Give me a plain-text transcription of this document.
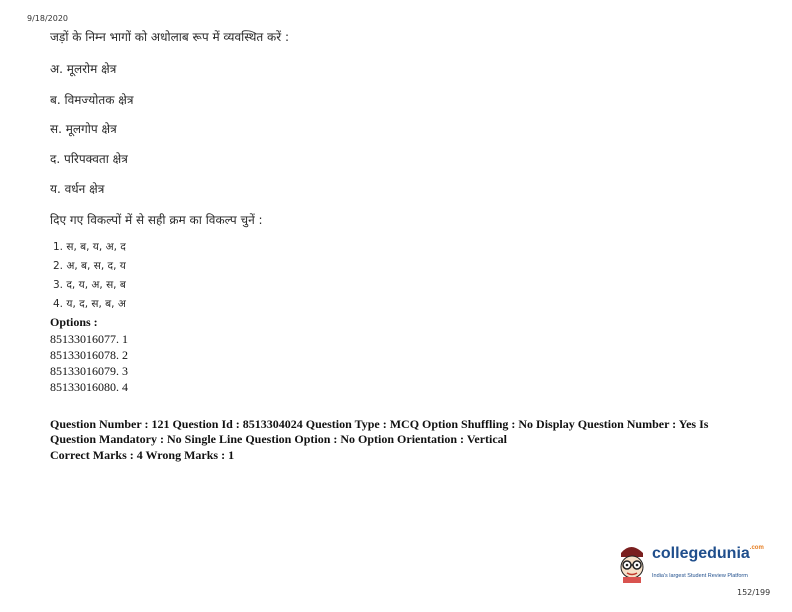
9/18/2020
जड़ों के निम्न भागों को अधोलाब रूप में व्यवस्थित करें :
अ. मूलरोम क्षेत्र
ब. विमज्योतक क्षेत्र
स. मूलगोप क्षेत्र
द. परिपक्वता क्षेत्र
य. वर्धन क्षेत्र
दिए गए विकल्पों में से सही क्रम का विकल्प चुनें :
1. स, ब, य, अ, द
2. अ, ब, स, द, य
3. द, य, अ, स, ब
4. य, द, स, ब, अ
Options :
85133016077. 1
85133016078. 2
85133016079. 3
85133016080. 4
Question Number : 121 Question Id : 8513304024 Question Type : MCQ Option Shuffling : No Display Question Number : Yes Is
Question Mandatory : No Single Line Question Option : No Option Orientation : Vertical
Correct Marks : 4 Wrong Marks : 1
collegedunia$^{.com}$
India's largest Student Review Platform
152/199
